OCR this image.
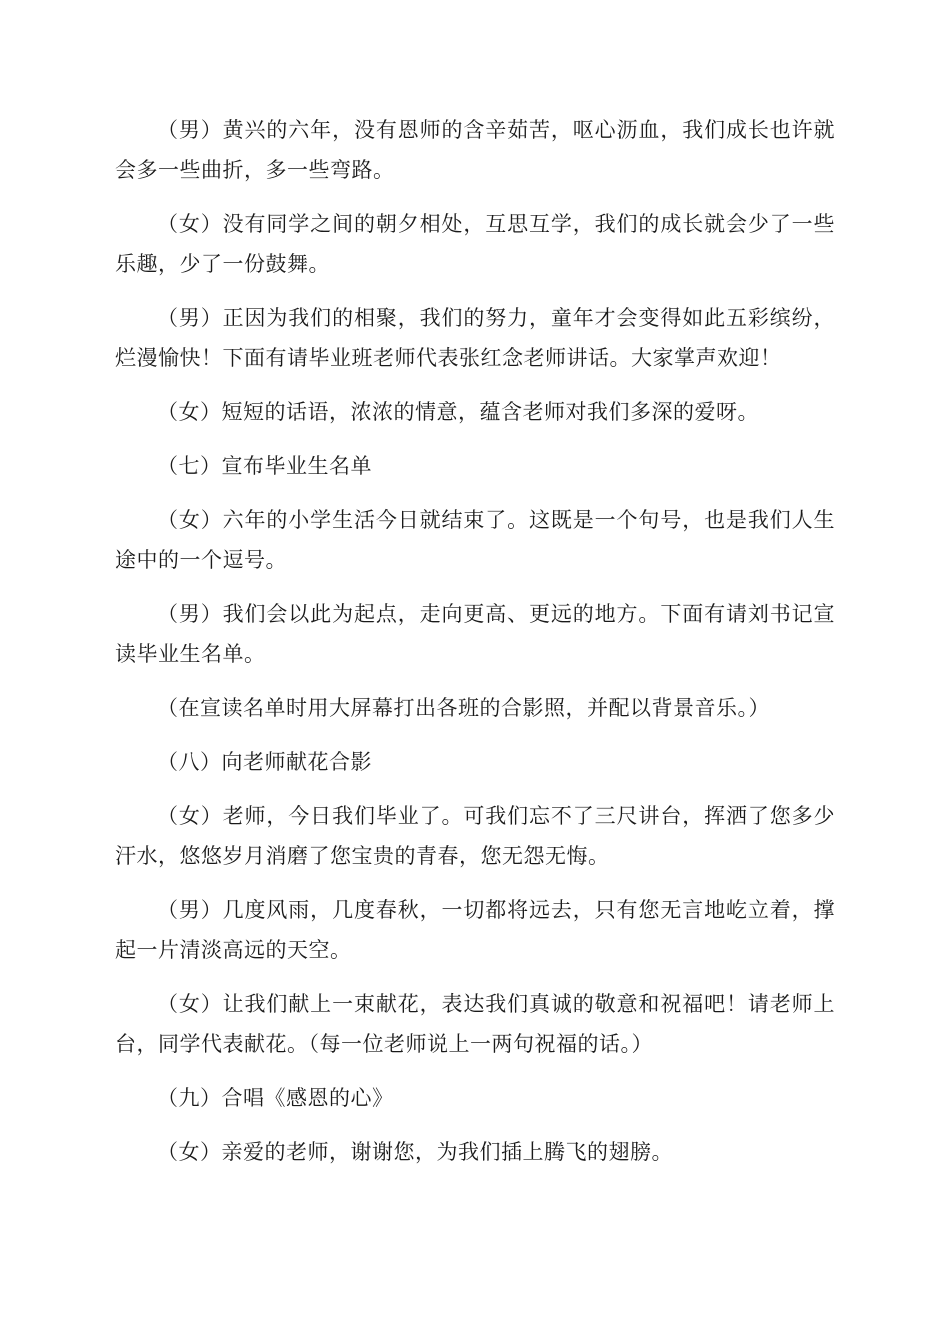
（男）黄兴的六年，没有恩师的含辛茹苦，呕心沥血，我们成长也许就会多一些曲折，多一些弯路。

（女）没有同学之间的朝夕相处，互思互学，我们的成长就会少了一些乐趣，少了一份鼓舞。

（男）正因为我们的相聚，我们的努力，童年才会变得如此五彩缤纷，烂漫愉快！下面有请毕业班老师代表张红念老师讲话。大家掌声欢迎！

（女）短短的话语，浓浓的情意，蕴含老师对我们多深的爱呀。

（七）宣布毕业生名单

（女）六年的小学生活今日就结束了。这既是一个句号，也是我们人生途中的一个逗号。

（男）我们会以此为起点，走向更高、更远的地方。下面有请刘书记宣读毕业生名单。

（在宣读名单时用大屏幕打出各班的合影照，并配以背景音乐。）

（八）向老师献花合影

（女）老师，今日我们毕业了。可我们忘不了三尺讲台，挥洒了您多少汗水，悠悠岁月消磨了您宝贵的青春，您无怨无悔。

（男）几度风雨，几度春秋，一切都将远去，只有您无言地屹立着，撑起一片清淡高远的天空。

（女）让我们献上一束献花，表达我们真诚的敬意和祝福吧！请老师上台，同学代表献花。（每一位老师说上一两句祝福的话。）

（九）合唱《感恩的心》

（女）亲爱的老师，谢谢您，为我们插上腾飞的翅膀。
